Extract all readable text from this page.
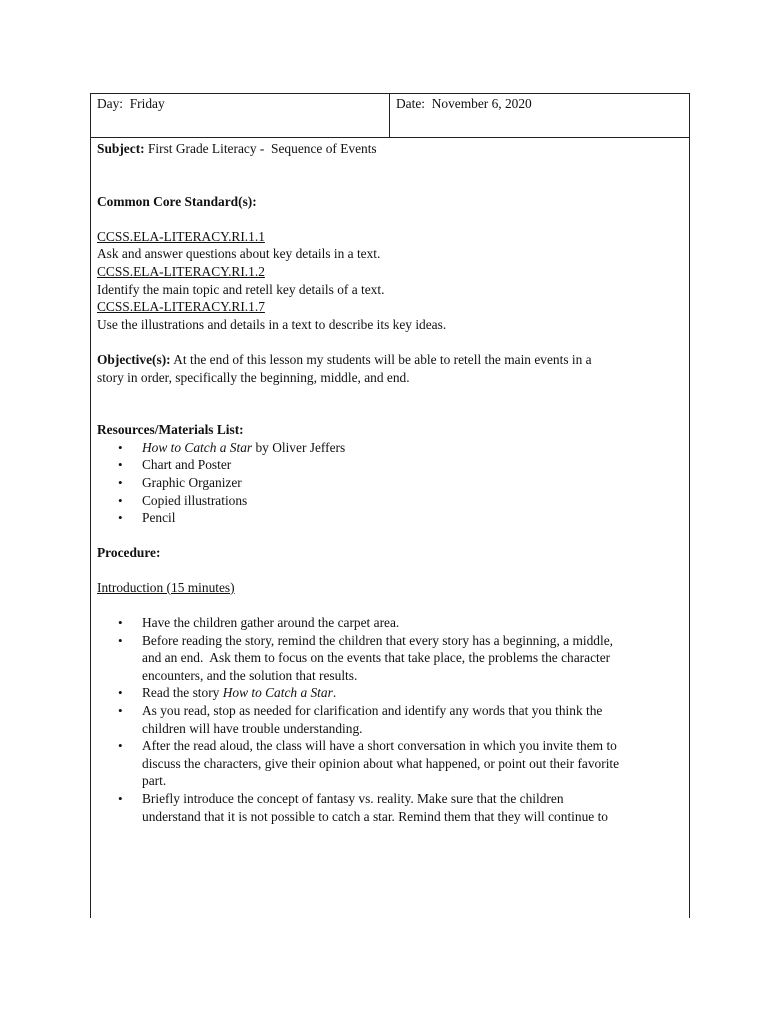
Day: Friday	Date: November 6, 2020

Subject: First Grade Literacy -  Sequence of Events

Common Core Standard(s):

CCSS.ELA-LITERACY.RI.1.1

Ask and answer questions about key details in a text.

CCSS.ELA-LITERACY.RI.1.2

Identify the main topic and retell key details of a text.

CCSS.ELA-LITERACY.RI.1.7

Use the illustrations and details in a text to describe its key ideas.

Objective(s): At the end of this lesson my students will be able to retell the main events in a

story in order, specifically the beginning, middle, and end.

Resources/Materials List:

• How to Catch a Star by Oliver Jeffers
• Chart and Poster
• Graphic Organizer
• Copied illustrations
• Pencil

Procedure:

Introduction (15 minutes)

• Have the children gather around the carpet area.
• Before reading the story, remind the children that every story has a beginning, a middle,
and an end.  Ask them to focus on the events that take place, the problems the character
encounters, and the solution that results.
• Read the story How to Catch a Star.
• As you read, stop as needed for clarification and identify any words that you think the
children will have trouble understanding.
• After the read aloud, the class will have a short conversation in which you invite them to
discuss the characters, give their opinion about what happened, or point out their favorite
part.
• Briefly introduce the concept of fantasy vs. reality. Make sure that the children
understand that it is not possible to catch a star. Remind them that they will continue to
